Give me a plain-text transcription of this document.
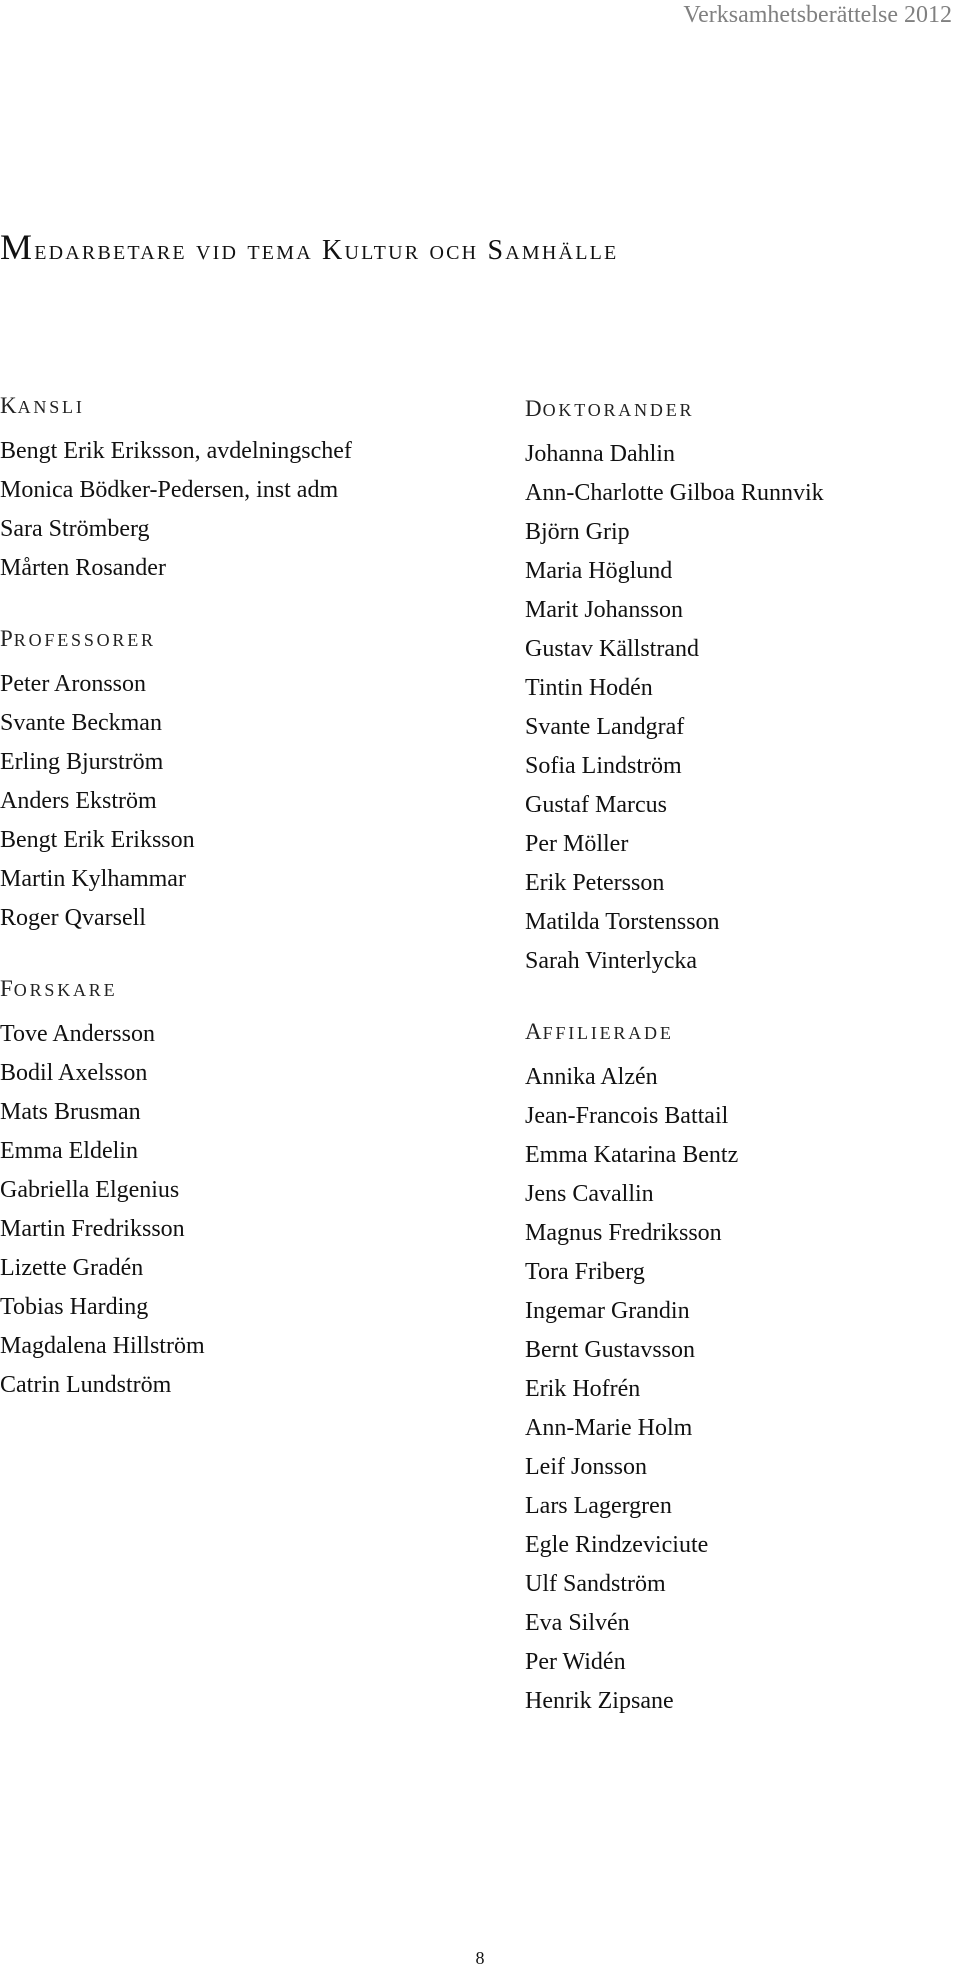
Verksamhetsberättelse 2012
Medarbetare vid tema Kultur och Samhälle
KANSLI
Bengt Erik Eriksson, avdelningschef
Monica Bödker-Pedersen, inst adm
Sara Strömberg
Mårten Rosander
PROFESSORER
Peter Aronsson
Svante Beckman
Erling Bjurström
Anders Ekström
Bengt Erik Eriksson
Martin Kylhammar
Roger Qvarsell
FORSKARE
Tove Andersson
Bodil Axelsson
Mats Brusman
Emma Eldelin
Gabriella Elgenius
Martin Fredriksson
Lizette Gradén
Tobias Harding
Magdalena Hillström
Catrin Lundström
DOKTORANDER
Johanna Dahlin
Ann-Charlotte Gilboa Runnvik
Björn Grip
Maria Höglund
Marit Johansson
Gustav Källstrand
Tintin Hodén
Svante Landgraf
Sofia Lindström
Gustaf Marcus
Per Möller
Erik Petersson
Matilda Torstensson
Sarah Vinterlycka
AFFILIERADE
Annika Alzén
Jean-Francois Battail
Emma Katarina Bentz
Jens Cavallin
Magnus Fredriksson
Tora Friberg
Ingemar Grandin
Bernt Gustavsson
Erik Hofrén
Ann-Marie Holm
Leif Jonsson
Lars Lagergren
Egle Rindzeviciute
Ulf Sandström
Eva Silvén
Per Widén
Henrik Zipsane
8
